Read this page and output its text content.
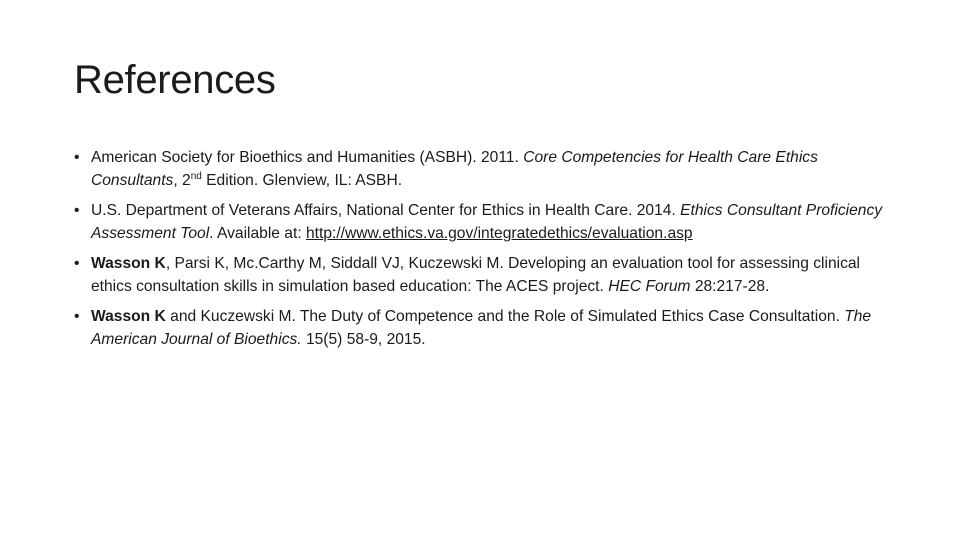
References
• American Society for Bioethics and Humanities (ASBH). 2011. Core Competencies for Health Care Ethics Consultants, 2nd Edition. Glenview, IL: ASBH.
• U.S. Department of Veterans Affairs, National Center for Ethics in Health Care. 2014. Ethics Consultant Proficiency Assessment Tool. Available at: http://www.ethics.va.gov/integratedethics/evaluation.asp
• Wasson K, Parsi K, Mc.Carthy M, Siddall VJ, Kuczewski M. Developing an evaluation tool for assessing clinical ethics consultation skills in simulation based education: The ACES project. HEC Forum 28:217-28.
• Wasson K and Kuczewski M. The Duty of Competence and the Role of Simulated Ethics Case Consultation. The American Journal of Bioethics. 15(5) 58-9, 2015.
